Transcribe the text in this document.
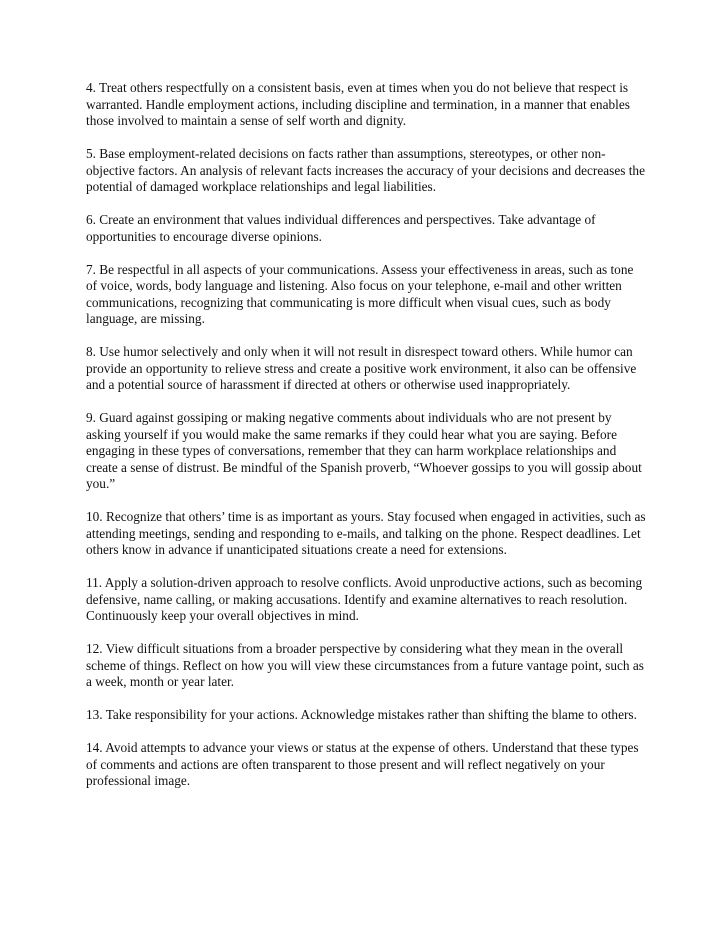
4. Treat others respectfully on a consistent basis, even at times when you do not believe that respect is warranted. Handle employment actions, including discipline and termination, in a manner that enables those involved to maintain a sense of self worth and dignity.

5. Base employment-related decisions on facts rather than assumptions, stereotypes, or other non-objective factors. An analysis of relevant facts increases the accuracy of your decisions and decreases the potential of damaged workplace relationships and legal liabilities.

6. Create an environment that values individual differences and perspectives. Take advantage of opportunities to encourage diverse opinions.

7. Be respectful in all aspects of your communications. Assess your effectiveness in areas, such as tone of voice, words, body language and listening. Also focus on your telephone, e-mail and other written communications, recognizing that communicating is more difficult when visual cues, such as body language, are missing.

8. Use humor selectively and only when it will not result in disrespect toward others. While humor can provide an opportunity to relieve stress and create a positive work environment, it also can be offensive and a potential source of harassment if directed at others or otherwise used inappropriately.

9. Guard against gossiping or making negative comments about individuals who are not present by asking yourself if you would make the same remarks if they could hear what you are saying. Before engaging in these types of conversations, remember that they can harm workplace relationships and create a sense of distrust. Be mindful of the Spanish proverb, “Whoever gossips to you will gossip about you.”

10. Recognize that others’ time is as important as yours. Stay focused when engaged in activities, such as attending meetings, sending and responding to e-mails, and talking on the phone. Respect deadlines. Let others know in advance if unanticipated situations create a need for extensions.

11. Apply a solution-driven approach to resolve conflicts. Avoid unproductive actions, such as becoming defensive, name calling, or making accusations. Identify and examine alternatives to reach resolution. Continuously keep your overall objectives in mind.

12. View difficult situations from a broader perspective by considering what they mean in the overall scheme of things. Reflect on how you will view these circumstances from a future vantage point, such as a week, month or year later.

13. Take responsibility for your actions. Acknowledge mistakes rather than shifting the blame to others.

14. Avoid attempts to advance your views or status at the expense of others. Understand that these types of comments and actions are often transparent to those present and will reflect negatively on your professional image.
